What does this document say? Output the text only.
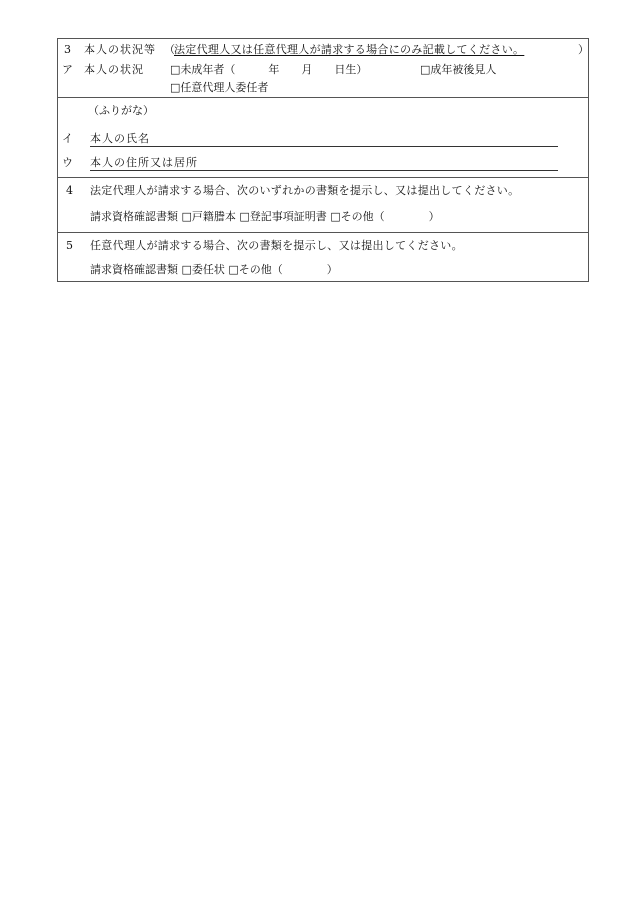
3 本人の状況等 （ 法定代理人又は任意代理人が請求する場合にのみ記載してください。	）
ア 本人の状況 □未成年者（　　　年　　月　　日生）	□成年被後見人
□任意代理人委任者
（ふりがな）
イ 本人の氏名
ウ 本人の住所又は居所
4 法定代理人が請求する場合、次のいずれかの書類を提示し、又は提出してください。
請求資格確認書類 □戸籍謄本 □登記事項証明書 □その他（　　　　）
5 任意代理人が請求する場合、次の書類を提示し、又は提出してください。
請求資格確認書類 □委任状 □その他（　　　　）
